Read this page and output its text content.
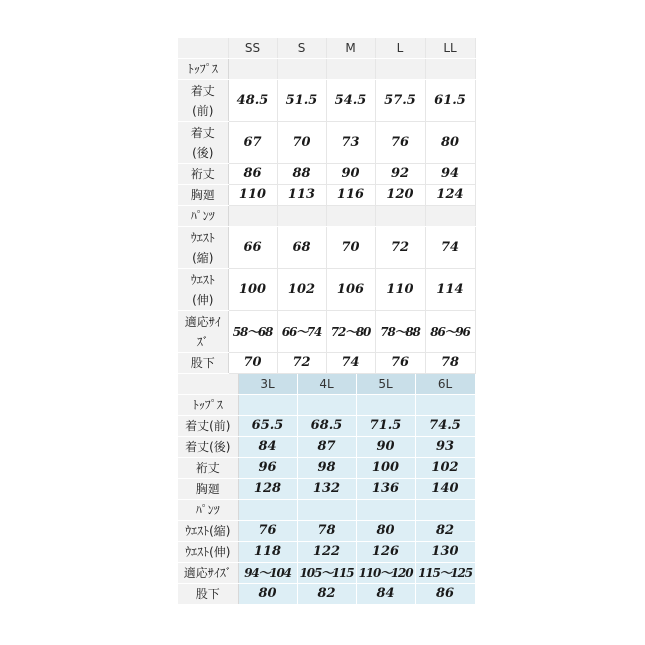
	SS	S	M	L	LL
ﾄｯﾌﾟｽ					
着丈
(前)	48.5	51.5	54.5	57.5	61.5
着丈
(後)	67	70	73	76	80
裄丈	86	88	90	92	94
胸廻	110	113	116	120	124
ﾊﾟﾝﾂ					
ｳｴｽﾄ
(縮)	66	68	70	72	74
ｳｴｽﾄ
(伸)	100	102	106	110	114
適応ｻｲ
ｽﾞ	58～68	66～74	72～80	78～88	86～96
股下	70	72	74	76	78
	3L	4L	5L	6L
ﾄｯﾌﾟｽ				
着丈(前)	65.5	68.5	71.5	74.5
着丈(後)	84	87	90	93
裄丈	96	98	100	102
胸廻	128	132	136	140
ﾊﾟﾝﾂ				
ｳｴｽﾄ(縮)	76	78	80	82
ｳｴｽﾄ(伸)	118	122	126	130
適応ｻｲｽﾞ	94～104	105～115	110～120	115～125
股下	80	82	84	86
